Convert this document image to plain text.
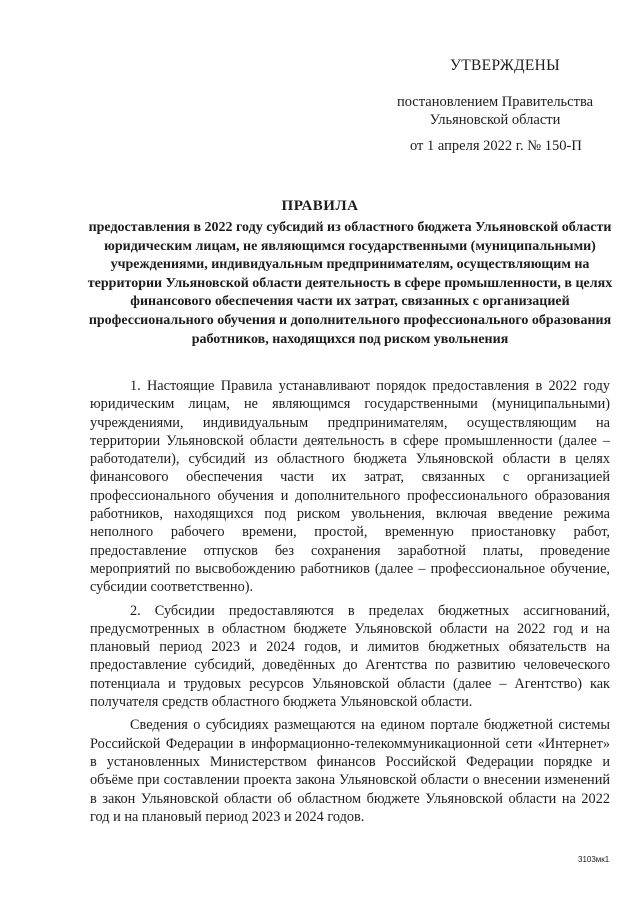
УТВЕРЖДЕНЫ
постановлением Правительства
Ульяновской области
от 1 апреля 2022 г. № 150-П
ПРАВИЛА
предоставления в 2022 году субсидий из областного бюджета Ульяновской области юридическим лицам, не являющимся государственными (муниципальными) учреждениями, индивидуальным предпринимателям, осуществляющим на территории Ульяновской области деятельность в сфере промышленности, в целях финансового обеспечения части их затрат, связанных с организацией профессионального обучения и дополнительного профессионального образования работников, находящихся под риском увольнения

1. Настоящие Правила устанавливают порядок предоставления в 2022 году юридическим лицам, не являющимся государственными (муниципальными) учреждениями, индивидуальным предпринимателям, осуществляющим на территории Ульяновской области деятельность в сфере промышленности (далее – работодатели), субсидий из областного бюджета Ульяновской области в целях финансового обеспечения части их затрат, связанных с организацией профессионального обучения и дополнительного профессионального образования работников, находящихся под риском увольнения, включая введение режима неполного рабочего времени, простой, временную приостановку работ, предоставление отпусков без сохранения заработной платы, проведение мероприятий по высвобождению работников (далее – профессиональное обучение, субсидии соответственно).

2. Субсидии предоставляются в пределах бюджетных ассигнований, предусмотренных в областном бюджете Ульяновской области на 2022 год и на плановый период 2023 и 2024 годов, и лимитов бюджетных обязательств на предоставление субсидий, доведённых до Агентства по развитию человеческого потенциала и трудовых ресурсов Ульяновской области (далее – Агентство) как получателя средств областного бюджета Ульяновской области.

Сведения о субсидиях размещаются на едином портале бюджетной системы Российской Федерации в информационно-телекоммуникационной сети «Интернет» в установленных Министерством финансов Российской Федерации порядке и объёме при составлении проекта закона Ульяновской области о внесении изменений в закон Ульяновской области об областном бюджете Ульяновской области на 2022 год и на плановый период 2023 и 2024 годов.

3103мк1
